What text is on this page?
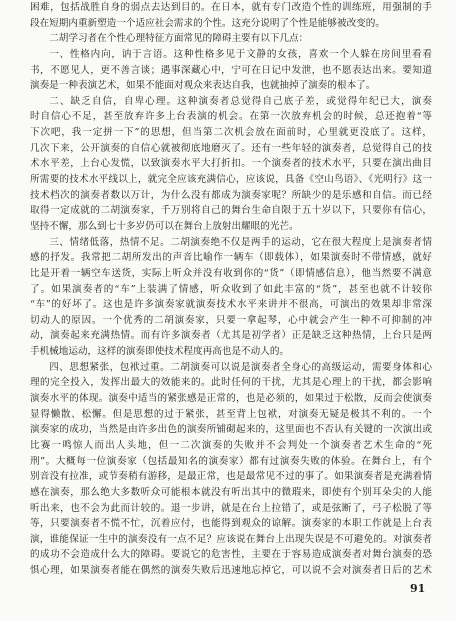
困难，包括战胜自身的弱点去达到目的。在日本，就有专门改造个性的训练班，用强制的手
段在短期内重新塑造一个适应社会需求的个性。这充分说明了个性是能够被改变的。
二胡学习者在个性心理特征方面常见的障碍主要有以下几点：
一、性格内向，讷于言语。这种性格多见于文静的女孩，喜欢一个人躲在房间里看看
书，不愿见人，更不善言谈；遇事深藏心中，宁可在日记中发泄，也不愿表达出来。要知道
演奏是一种表演艺术，如果不能面对观众来表达自我，也就抽掉了演奏的根本了。
二、缺乏自信，自卑心理。这种演奏者总觉得自己底子差，或觉得年纪已大，演奏
时自信心不足，甚至放弃许多上台表演的机会。在第一次放弃机会的时候，总还抱着“等
下次吧，我一定拼一下”的思想，但当第二次机会放在面前时，心里就更没底了。这样，
几次下来，公开演奏的自信心就被彻底地磨灭了。还有一些年轻的演奏者，总觉得自己的技
术水平差，上台心发慌，以致演奏水平大打折扣。一个演奏者的技术水平，只要在演出曲目
所需要的技术水平线以上，就完全应该充满信心，应该说，具备《空山鸟语》、《光明行》这一
技术档次的演奏者数以万计，为什么没有都成为演奏家呢？所缺少的是乐感和自信。而已经
取得一定成就的二胡演奏家，千万别将自己的舞台生命自限于五十岁以下，只要你有信心，
坚持不懈，那么到七十多岁仍可以在舞台上放射出耀眼的光芒。
三、情绪低落，热情不足。二胡演奏绝不仅是两手的运动，它在很大程度上是演奏者情
感的抒发。我常把二胡所发出的声音比喻作一辆车（即载体），如果演奏时不带情感，就好
比是开着一辆空车送货，实际上听众并没有收到你的“货”（即情感信息），他当然要不满意
了。如果演奏者的“车”上装满了情感，听众收到了如此丰富的“货”，甚至也就不计较你
“车”的好坏了。这也是许多演奏家就演奏技术水平来讲并不很高，可演出的效果却非常深
切动人的原因。一个优秀的二胡演奏家，只要一拿起琴，心中就会产生一种不可抑制的冲
动，演奏起来充满热情。而有许多演奏者（尤其是初学者）正是缺乏这种热情，上台只是两
手机械地运动，这样的演奏即使技术程度再高也是不动人的。
四、思想紧张，包袱过重。二胡演奏可以说是演奏者全身心的高级运动，需要身体和心
理的完全投入，发挥出最大的效能来的。此时任何的干扰，尤其是心理上的干扰，都会影响
演奏水平的体现。演奏中适当的紧张感是正常的，也是必须的，如果过于松散，反而会使演奏
显得懒散、松懈。但是思想的过于紧张，甚至背上包袱，对演奏无疑是极其不利的。一个
演奏家的成功，当然是由许多出色的演奏所铺砌起来的，这里面也不否认有关键的一次演出或
比赛一鸣惊人而出人头地，但一二次演奏的失败并不会判处一个演奏者艺术生命的“死
刑”。大概每一位演奏家（包括最知名的演奏家）都有过演奏失败的体验。在舞台上，有个
别音没有拉准，或节奏稍有游移，是最正常，也是最常见不过的事了。如果演奏者是充满着情
感在演奏，那么绝大多数听众可能根本就没有听出其中的微瑕来，即使有个别耳朵尖的人能
听出来，也不会为此而计较的。退一步讲，就是在台上拉错了，或是弦断了，弓子松脱了等
等，只要演奏者不慌不忙，沉着应付，也能得到观众的谅解。演奏家的本职工作就是上台表
演，谁能保证一生中的演奏没有一点不足？应该说在舞台上出现失误是不可避免的。对演奏者
的成功不会造成什么大的障碍。要说它的危害性，主要在于容易造成演奏者对舞台演奏的恐
惧心理，如果演奏者能在偶然的演奏失败后迅速地忘掉它，可以说不会对演奏者日后的艺术
91
